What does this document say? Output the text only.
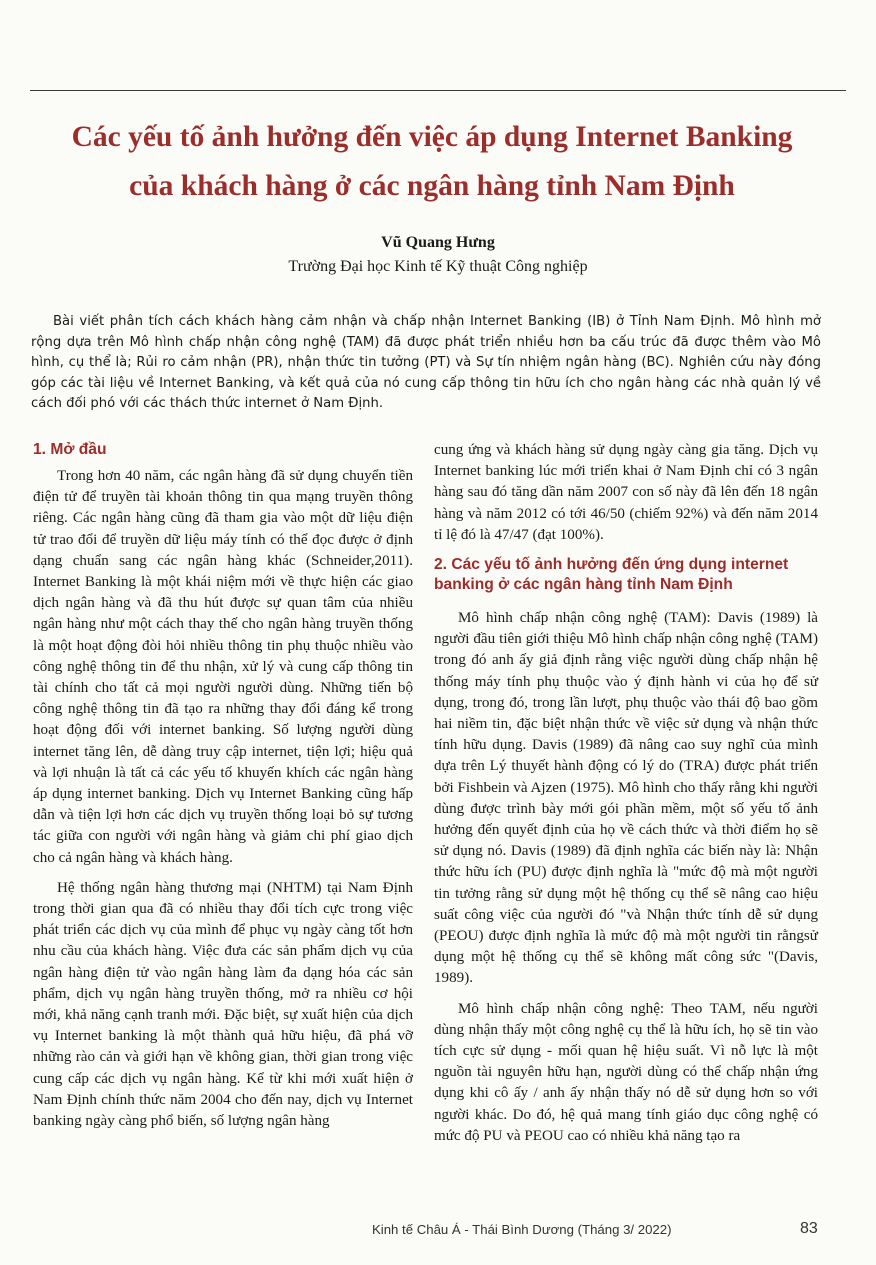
Các yếu tố ảnh hưởng đến việc áp dụng Internet Banking
của khách hàng ở các ngân hàng tỉnh Nam Định
Vũ Quang Hưng
Trường Đại học Kinh tế Kỹ thuật Công nghiệp

Bài viết phân tích cách khách hàng cảm nhận và chấp nhận Internet Banking (IB) ở Tỉnh Nam Định. Mô hình mở rộng dựa trên Mô hình chấp nhận công nghệ (TAM) đã được phát triển nhiều hơn ba cấu trúc đã được thêm vào Mô hình, cụ thể là; Rủi ro cảm nhận (PR), nhận thức tin tưởng (PT) và Sự tín nhiệm ngân hàng (BC). Nghiên cứu này đóng góp các tài liệu về Internet Banking, và kết quả của nó cung cấp thông tin hữu ích cho ngân hàng các nhà quản lý về cách đối phó với các thách thức internet ở Nam Định.

1. Mở đầu

Trong hơn 40 năm, các ngân hàng đã sử dụng chuyển tiền điện tử để truyền tài khoản thông tin qua mạng truyền thông riêng. Các ngân hàng cũng đã tham gia vào một dữ liệu điện tử trao đổi để truyền dữ liệu máy tính có thể đọc được ở định dạng chuẩn sang các ngân hàng khác (Schneider,2011). Internet Banking là một khái niệm mới về thực hiện các giao dịch ngân hàng và đã thu hút được sự quan tâm của nhiều ngân hàng như một cách thay thế cho ngân hàng truyền thống là một hoạt động đòi hỏi nhiều thông tin phụ thuộc nhiều vào công nghệ thông tin để thu nhận, xử lý và cung cấp thông tin tài chính cho tất cả mọi người người dùng. Những tiến bộ công nghệ thông tin đã tạo ra những thay đổi đáng kể trong hoạt động đối với internet banking. Số lượng người dùng internet tăng lên, dễ dàng truy cập internet, tiện lợi; hiệu quả và lợi nhuận là tất cả các yếu tố khuyến khích các ngân hàng áp dụng internet banking. Dịch vụ Internet Banking cũng hấp dẫn và tiện lợi hơn các dịch vụ truyền thống loại bỏ sự tương tác giữa con người với ngân hàng và giảm chi phí giao dịch cho cả ngân hàng và khách hàng.

Hệ thống ngân hàng thương mại (NHTM) tại Nam Định trong thời gian qua đã có nhiều thay đổi tích cực trong việc phát triển các dịch vụ của mình để phục vụ ngày càng tốt hơn nhu cầu của khách hàng. Việc đưa các sản phẩm dịch vụ của ngân hàng điện tử vào ngân hàng làm đa dạng hóa các sản phẩm, dịch vụ ngân hàng truyền thống, mở ra nhiều cơ hội mới, khả năng cạnh tranh mới. Đặc biệt, sự xuất hiện của dịch vụ Internet banking là một thành quả hữu hiệu, đã phá vỡ những rào cản và giới hạn về không gian, thời gian trong việc cung cấp các dịch vụ ngân hàng. Kể từ khi mới xuất hiện ở Nam Định chính thức năm 2004 cho đến nay, dịch vụ Internet banking ngày càng phổ biến, số lượng ngân hàng

cung ứng và khách hàng sử dụng ngày càng gia tăng. Dịch vụ Internet banking lúc mới triển khai ở Nam Định chỉ có 3 ngân hàng sau đó tăng dần năm 2007 con số này đã lên đến 18 ngân hàng và năm 2012 có tới 46/50 (chiếm 92%) và đến năm 2014 tỉ lệ đó là 47/47 (đạt 100%).

2. Các yếu tố ảnh hưởng đến ứng dụng internet banking ở các ngân hàng tỉnh Nam Định

Mô hình chấp nhận công nghệ (TAM): Davis (1989) là người đầu tiên giới thiệu Mô hình chấp nhận công nghệ (TAM) trong đó anh ấy giả định rằng việc người dùng chấp nhận hệ thống máy tính phụ thuộc vào ý định hành vi của họ để sử dụng, trong đó, trong lần lượt, phụ thuộc vào thái độ bao gồm hai niềm tin, đặc biệt nhận thức về việc sử dụng và nhận thức tính hữu dụng. Davis (1989) đã nâng cao suy nghĩ của mình dựa trên Lý thuyết hành động có lý do (TRA) được phát triển bởi Fishbein và Ajzen (1975). Mô hình cho thấy rằng khi người dùng được trình bày mới gói phần mềm, một số yếu tố ảnh hưởng đến quyết định của họ về cách thức và thời điểm họ sẽ sử dụng nó. Davis (1989) đã định nghĩa các biến này là: Nhận thức hữu ích (PU) được định nghĩa là "mức độ mà một người tin tưởng rằng sử dụng một hệ thống cụ thể sẽ nâng cao hiệu suất công việc của người đó "và Nhận thức tính dễ sử dụng (PEOU) được định nghĩa là mức độ mà một người tin rằngsử dụng một hệ thống cụ thể sẽ không mất công sức "(Davis, 1989).

Mô hình chấp nhận công nghệ: Theo TAM, nếu người dùng nhận thấy một công nghệ cụ thể là hữu ích, họ sẽ tin vào tích cực sử dụng - mối quan hệ hiệu suất. Vì nỗ lực là một nguồn tài nguyên hữu hạn, người dùng có thể chấp nhận ứng dụng khi cô ấy / anh ấy nhận thấy nó dễ sử dụng hơn so với người khác. Do đó, hệ quả mang tính giáo dục công nghệ có mức độ PU và PEOU cao có nhiều khả năng tạo ra

Kinh tế Châu Á - Thái Bình Dương (Tháng 3/ 2022)	83
